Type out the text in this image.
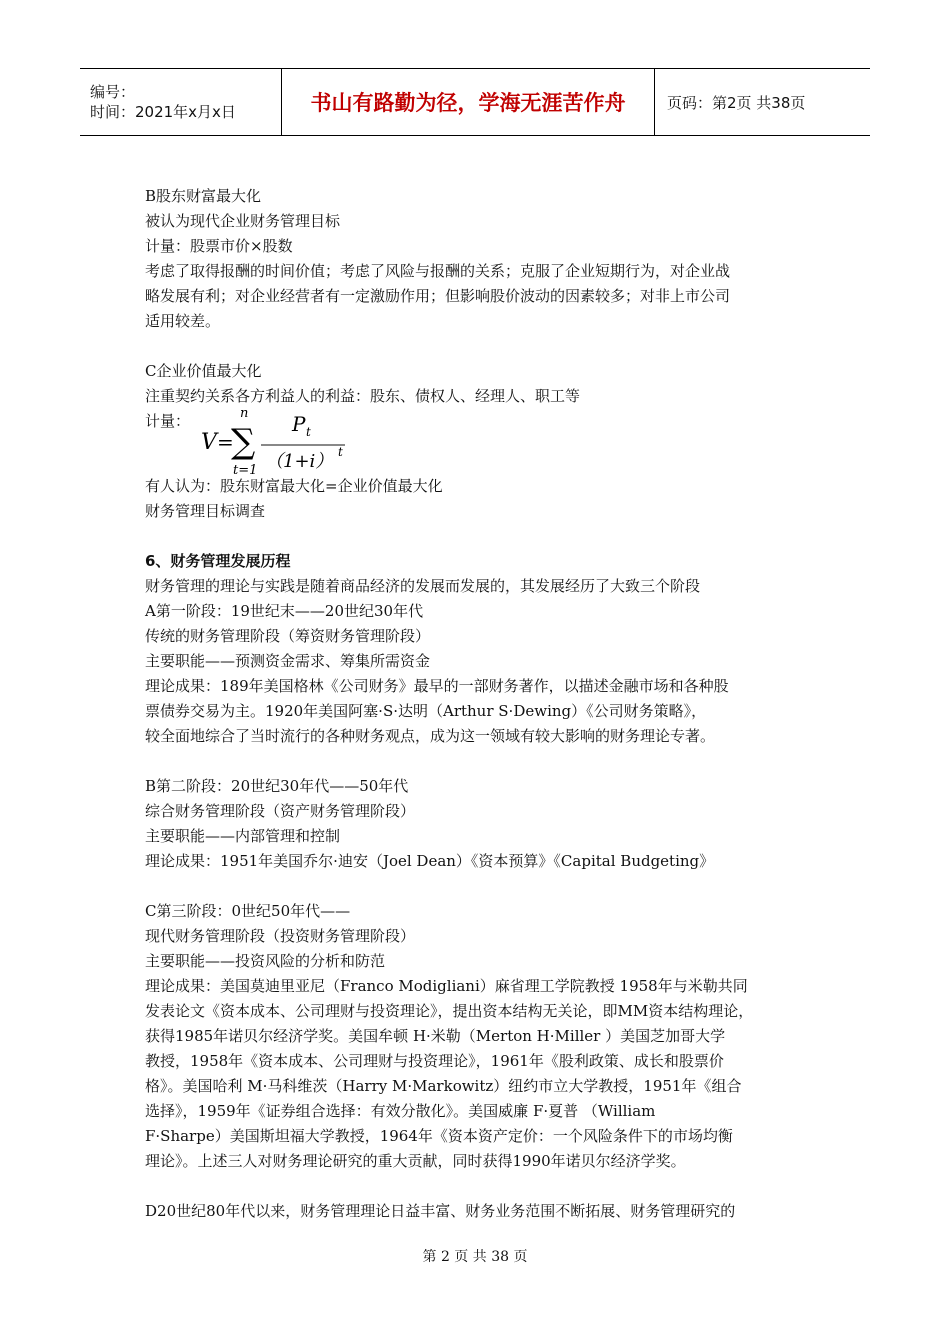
编号：
时间：2021年x月x日	书山有路勤为径，学海无涯苦作舟	页码：第2页 共38页
B股东财富最大化
被认为现代企业财务管理目标
计量：股票市价×股数
考虑了取得报酬的时间价值；考虑了风险与报酬的关系；克服了企业短期行为，对企业战
略发展有利；对企业经营者有一定激励作用；但影响股价波动的因素较多；对非上市公司
适用较差。
C企业价值最大化
注重契约关系各方利益人的利益：股东、债权人、经理人、职工等
计量：
V =
∑
n
t=1
P t
（1+i） t
有人认为：股东财富最大化=企业价值最大化
财务管理目标调查
6、财务管理发展历程
财务管理的理论与实践是随着商品经济的发展而发展的，其发展经历了大致三个阶段
A第一阶段：19世纪末——20世纪30年代
传统的财务管理阶段（筹资财务管理阶段）
主要职能——预测资金需求、筹集所需资金
理论成果：189年美国格林《公司财务》最早的一部财务著作，以描述金融市场和各种股
票债券交易为主。1920年美国阿塞·S·达明（Arthur S·Dewing）《公司财务策略》，
较全面地综合了当时流行的各种财务观点，成为这一领域有较大影响的财务理论专著。
B第二阶段：20世纪30年代——50年代
综合财务管理阶段（资产财务管理阶段）
主要职能——内部管理和控制
理论成果：1951年美国乔尔·迪安（Joel Dean）《资本预算》《Capital Budgeting》
C第三阶段：0世纪50年代——
现代财务管理阶段（投资财务管理阶段）
主要职能——投资风险的分析和防范
理论成果：美国莫迪里亚尼（Franco Modigliani）麻省理工学院教授 1958年与米勒共同
发表论文《资本成本、公司理财与投资理论》，提出资本结构无关论，即MM资本结构理论，
获得1985年诺贝尔经济学奖。美国牟顿 H·米勒（Merton H·Miller ）美国芝加哥大学
教授，1958年《资本成本、公司理财与投资理论》，1961年《股利政策、成长和股票价
格》。美国哈利 M·马科维茨（Harry M·Markowitz）纽约市立大学教授，1951年《组合
选择》，1959年《证券组合选择：有效分散化》。美国威廉 F·夏普 （William
F·Sharpe）美国斯坦福大学教授，1964年《资本资产定价：一个风险条件下的市场均衡
理论》。上述三人对财务理论研究的重大贡献，同时获得1990年诺贝尔经济学奖。
D20世纪80年代以来，财务管理理论日益丰富、财务业务范围不断拓展、财务管理研究的
第 2 页 共 38 页
